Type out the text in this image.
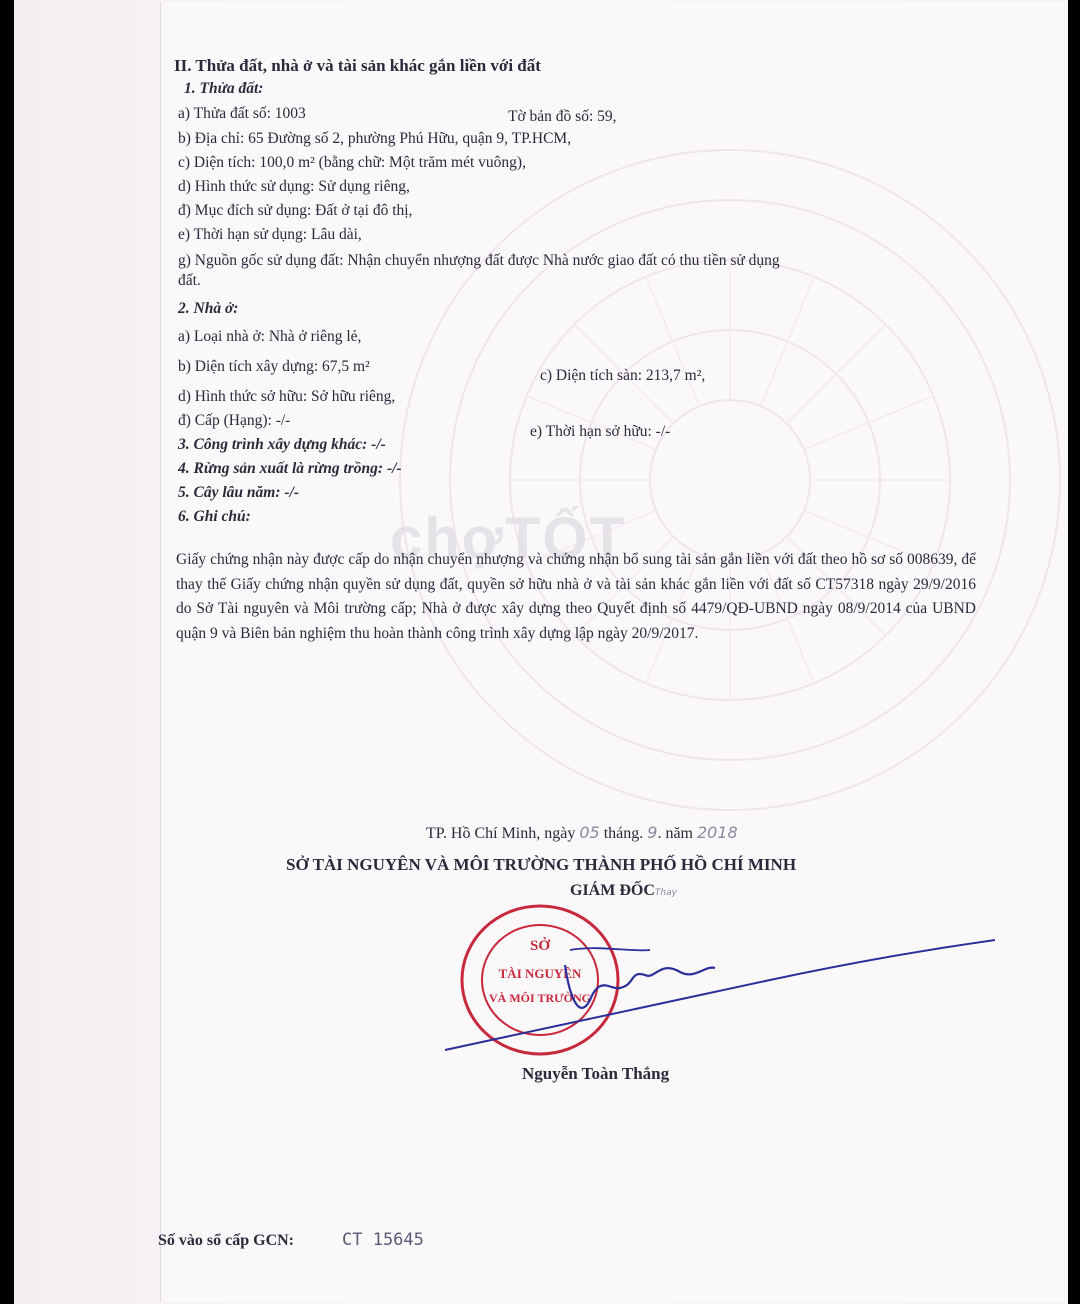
chợTỐT
II. Thửa đất, nhà ở và tài sản khác gắn liền với đất
1. Thửa đất:
a) Thửa đất số: 1003	Tờ bản đồ số: 59,
b) Địa chỉ: 65 Đường số 2, phường Phú Hữu, quận 9, TP.HCM,
c) Diện tích: 100,0 m² (bằng chữ: Một trăm mét vuông),
d) Hình thức sử dụng: Sử dụng riêng,
đ) Mục đích sử dụng: Đất ở tại đô thị,
e) Thời hạn sử dụng: Lâu dài,
g) Nguồn gốc sử dụng đất: Nhận chuyển nhượng đất được Nhà nước giao đất có thu tiền sử dụng
đất.
2. Nhà ở:
a) Loại nhà ở: Nhà ở riêng lẻ,
b) Diện tích xây dựng: 67,5 m²
c) Diện tích sàn: 213,7 m²,
d) Hình thức sở hữu: Sở hữu riêng,
đ) Cấp (Hạng): -/-
e) Thời hạn sở hữu: -/-
3. Công trình xây dựng khác: -/-
4. Rừng sản xuất là rừng trồng: -/-
5. Cây lâu năm: -/-
6. Ghi chú:
Giấy chứng nhận này được cấp do nhận chuyển nhượng và chứng nhận bổ sung tài sản gắn liền với đất theo hồ sơ số 008639, để thay thế Giấy chứng nhận quyền sử dụng đất, quyền sở hữu nhà ở và tài sản khác gắn liền với đất số CT57318 ngày 29/9/2016 do Sở Tài nguyên và Môi trường cấp; Nhà ở được xây dựng theo Quyết định số 4479/QĐ-UBND ngày 08/9/2014 của UBND quận 9 và Biên bản nghiệm thu hoàn thành công trình xây dựng lập ngày 20/9/2017.
TP. Hồ Chí Minh, ngày 05 tháng. 9. năm 2018
SỞ TÀI NGUYÊN VÀ MÔI TRƯỜNG THÀNH PHỐ HỒ CHÍ MINH
GIÁM ĐỐCThay
SỞ
TÀI NGUYÊN
VÀ MÔI TRƯỜNG
Nguyễn Toàn Thắng
Số vào sổ cấp GCN:	CT 15645
